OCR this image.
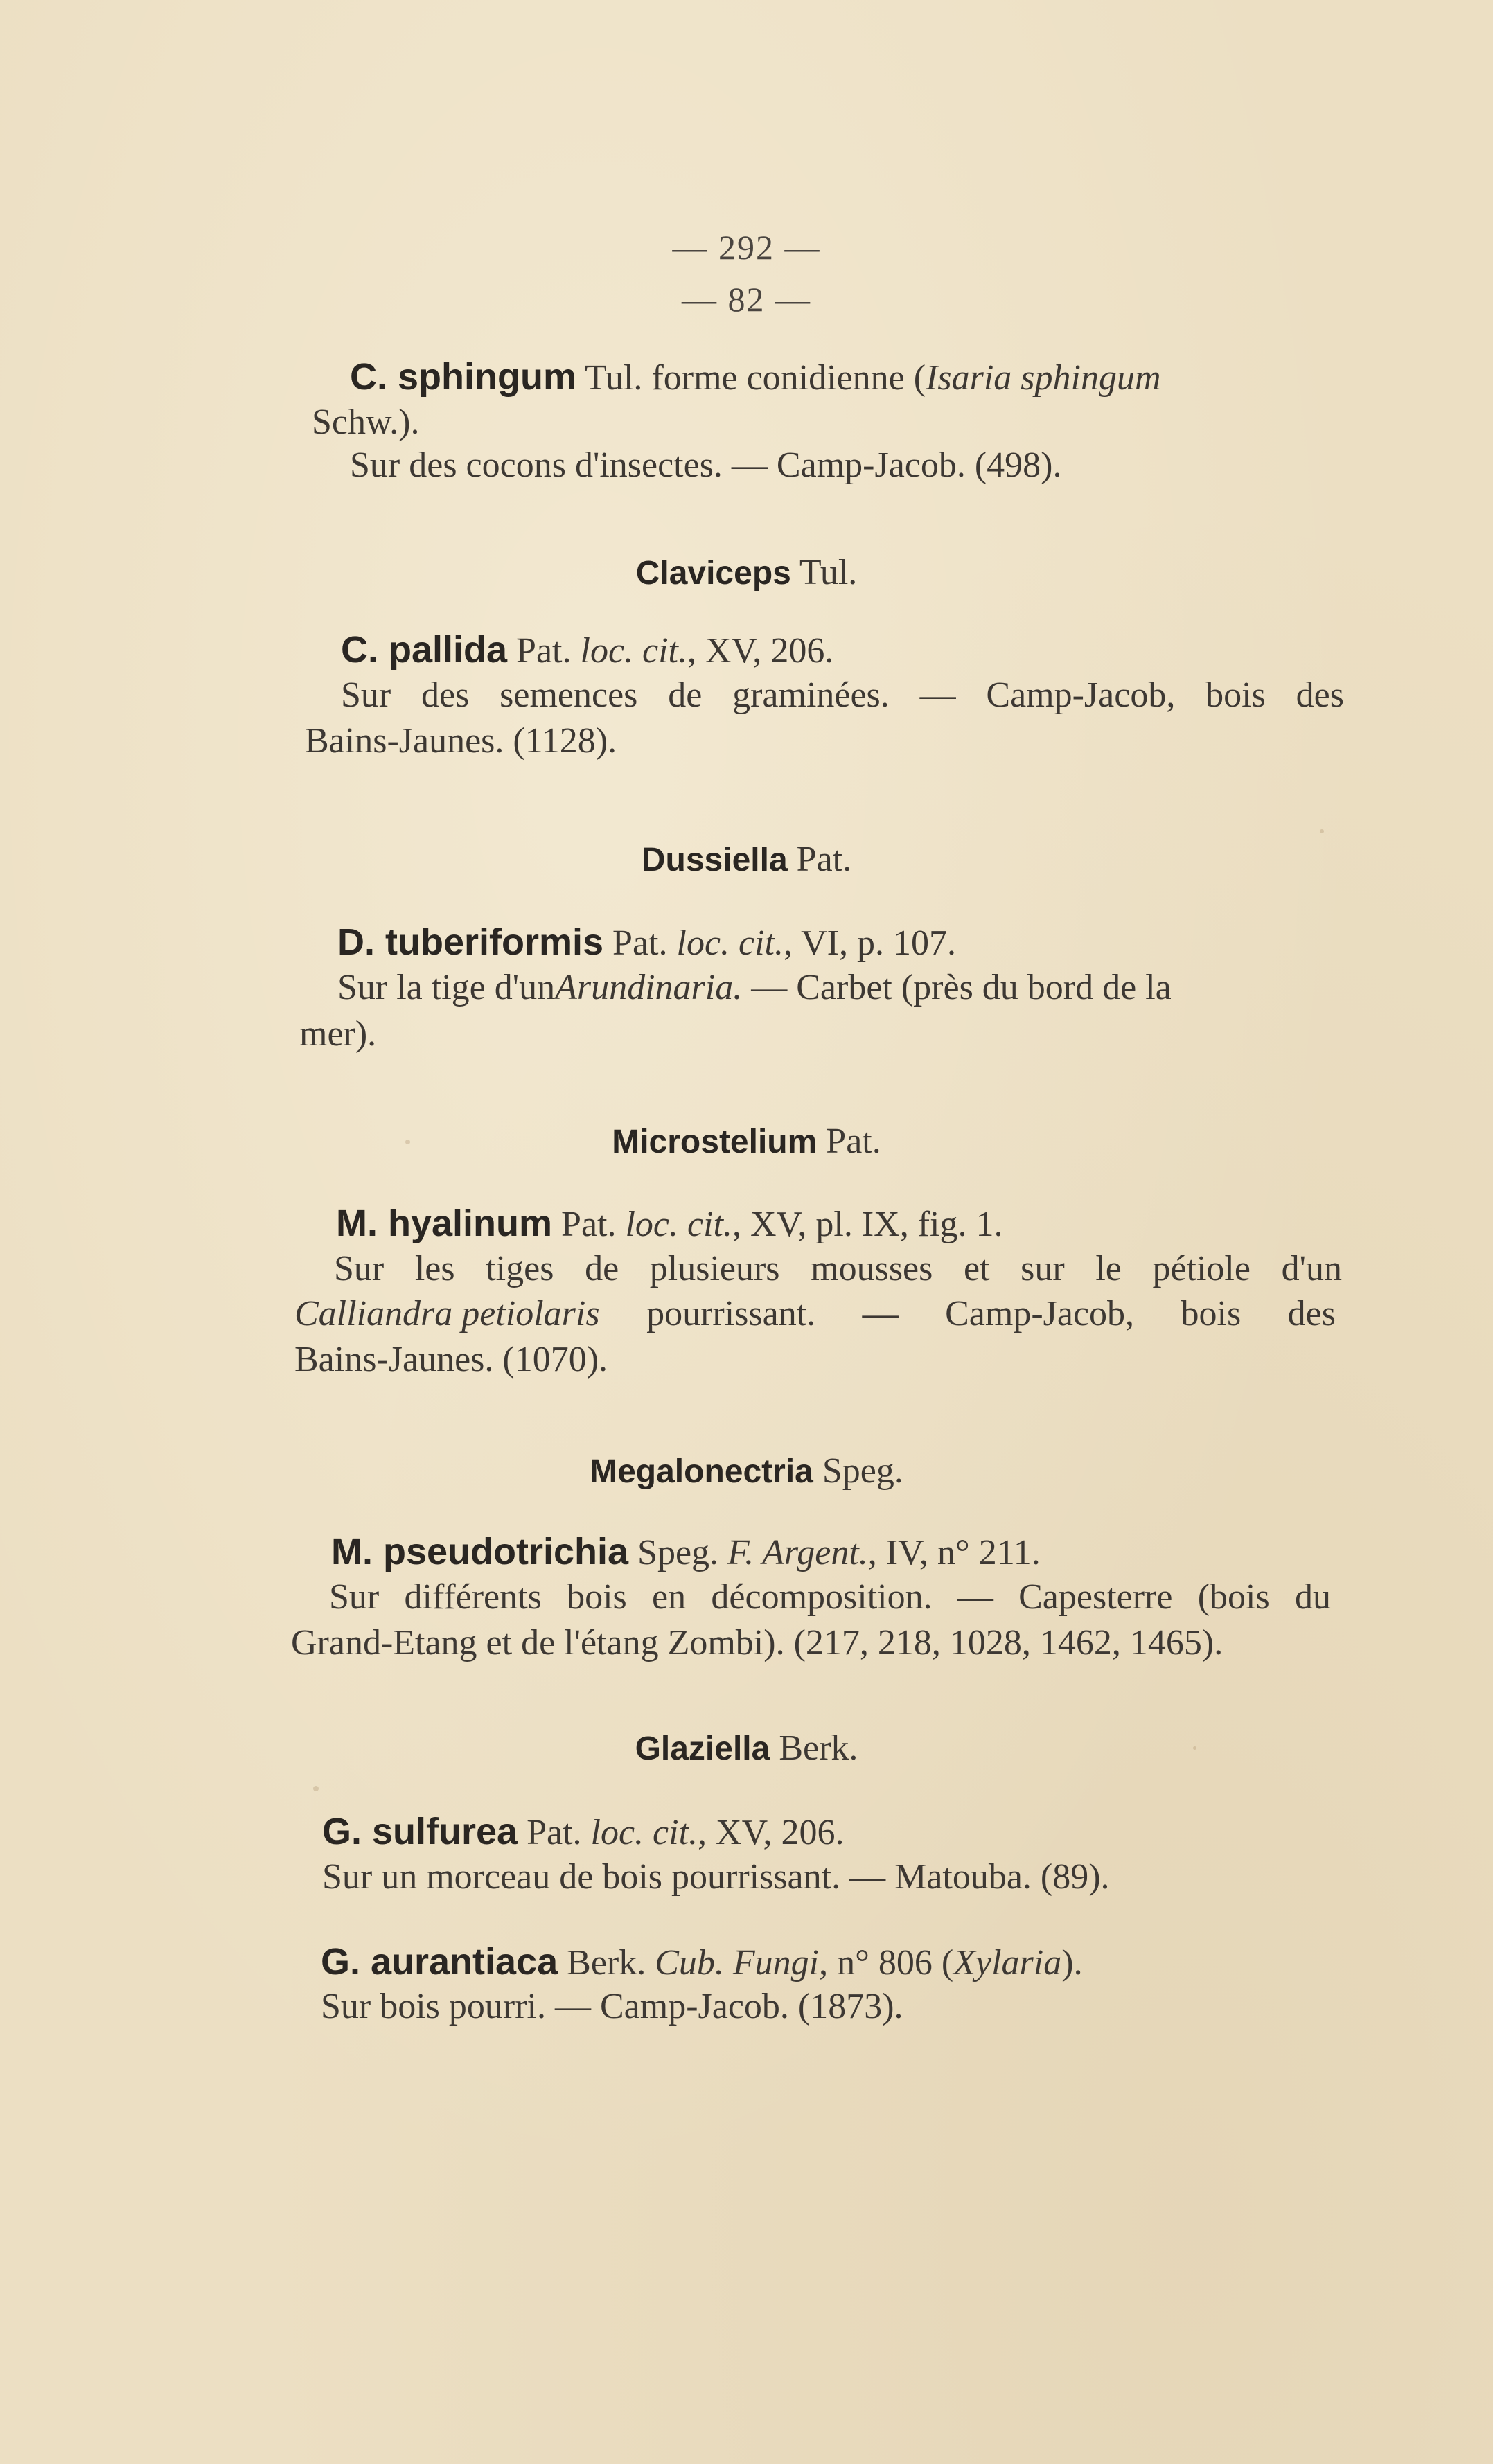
— 292 —
— 82 —
C. sphingum Tul. forme conidienne (Isaria sphingum
Schw.).
Sur des cocons d'insectes. — Camp-Jacob. (498).
Claviceps Tul.
C. pallida Pat. loc. cit., XV, 206.
Sur des semences de graminées. — Camp-Jacob, bois des
Bains-Jaunes. (1128).
Dussiella Pat.
D. tuberiformis Pat. loc. cit., VI, p. 107.
Sur la tige d'unArundinaria. — Carbet (près du bord de la
mer).
Microstelium Pat.
M. hyalinum Pat. loc. cit., XV, pl. IX, fig. 1.
Sur les tiges de plusieurs mousses et sur le pétiole d'un
Calliandra petiolaris pourrissant. — Camp-Jacob, bois des
Bains-Jaunes. (1070).
Megalonectria Speg.
M. pseudotrichia Speg. F. Argent., IV, n° 211.
Sur différents bois en décomposition. — Capesterre (bois du
Grand-Etang et de l'étang Zombi). (217, 218, 1028, 1462, 1465).
Glaziella Berk.
G. sulfurea Pat. loc. cit., XV, 206.
Sur un morceau de bois pourrissant. — Matouba. (89).
G. aurantiaca Berk. Cub. Fungi, n° 806 (Xylaria).
Sur bois pourri. — Camp-Jacob. (1873).
